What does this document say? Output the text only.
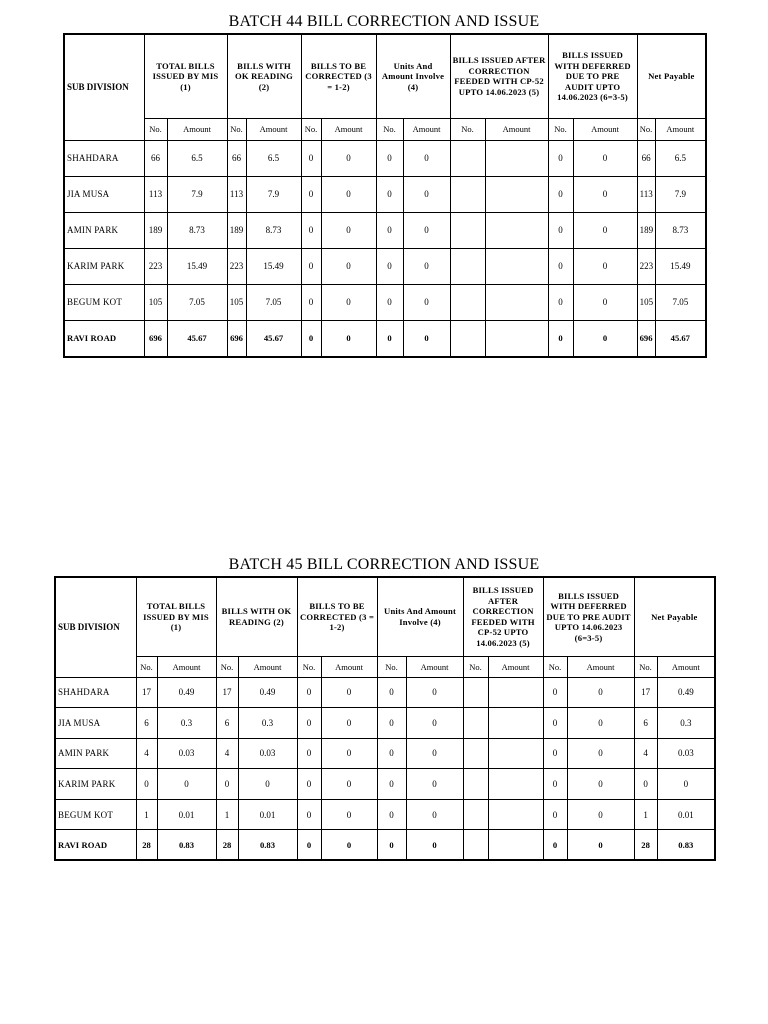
BATCH 44 BILL CORRECTION AND ISSUE
SUB DIVISION	TOTAL BILLS ISSUED BY MIS (1)		BILLS WITH OK READING (2)		BILLS TO BE CORRECTED (3 = 1-2)		Units And Amount Involve (4)		BILLS ISSUED AFTER CORRECTION FEEDED WITH CP-52 UPTO 14.06.2023 (5)		BILLS ISSUED WITH DEFERRED DUE TO PRE AUDIT UPTO 14.06.2023 (6=3-5)		Net Payable	
	No.	Amount	No.	Amount	No.	Amount	No.	Amount	No.	Amount	No.	Amount	No.	Amount
SHAHDARA	66	6.5	66	6.5	0	0	0	0			0	0	66	6.5
JIA MUSA	113	7.9	113	7.9	0	0	0	0			0	0	113	7.9
AMIN PARK	189	8.73	189	8.73	0	0	0	0			0	0	189	8.73
KARIM PARK	223	15.49	223	15.49	0	0	0	0			0	0	223	15.49
BEGUM KOT	105	7.05	105	7.05	0	0	0	0			0	0	105	7.05
RAVI ROAD	696	45.67	696	45.67	0	0	0	0			0	0	696	45.67
BATCH 45 BILL CORRECTION AND ISSUE
SUB DIVISION	TOTAL BILLS ISSUED BY MIS (1)		BILLS WITH OK READING (2)		BILLS TO BE CORRECTED (3 = 1-2)		Units And Amount Involve (4)		BILLS ISSUED AFTER CORRECTION FEEDED WITH CP-52 UPTO 14.06.2023 (5)		BILLS ISSUED WITH DEFERRED DUE TO PRE AUDIT UPTO 14.06.2023 (6=3-5)		Net Payable	
	No.	Amount	No.	Amount	No.	Amount	No.	Amount	No.	Amount	No.	Amount	No.	Amount
SHAHDARA	17	0.49	17	0.49	0	0	0	0			0	0	17	0.49
JIA MUSA	6	0.3	6	0.3	0	0	0	0			0	0	6	0.3
AMIN PARK	4	0.03	4	0.03	0	0	0	0			0	0	4	0.03
KARIM PARK	0	0	0	0	0	0	0	0			0	0	0	0
BEGUM KOT	1	0.01	1	0.01	0	0	0	0			0	0	1	0.01
RAVI ROAD	28	0.83	28	0.83	0	0	0	0			0	0	28	0.83
